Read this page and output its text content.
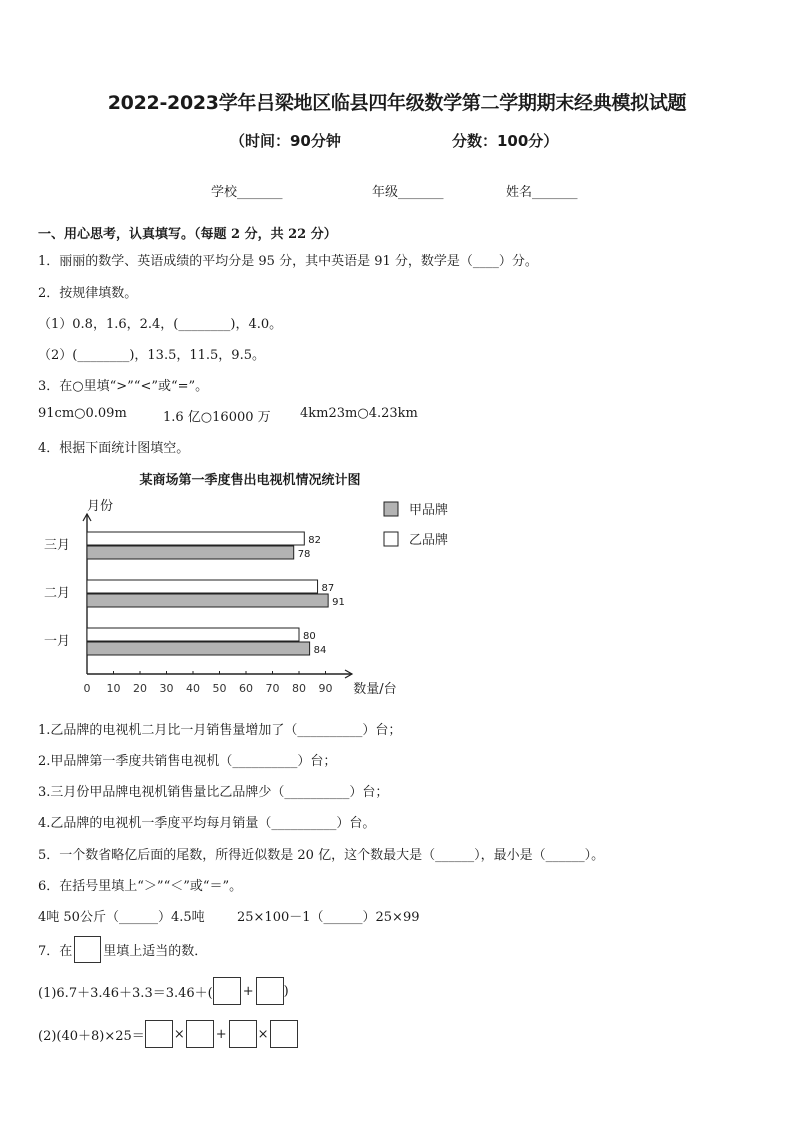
2022-2023学年吕梁地区临县四年级数学第二学期期末经典模拟试题
（时间：90分钟	分数：100分）
学校_______	年级_______	姓名_______
一、用心思考，认真填写。（每题 2 分，共 22 分）
1．丽丽的数学、英语成绩的平均分是 95 分，其中英语是 91 分，数学是（____）分。
2．按规律填数。
（1）0.8，1.6，2.4，(________)，4.0。
（2）(________)，13.5，11.5，9.5。
3．在○里填“>”“<”或“=”。
91cm○0.09m	1.6 亿○16000 万 4km23m○4.23km
4．根据下面统计图填空。
某商场第一季度售出电视机情况统计图
月份
数量/台
0 10 20 30 40 50 60 70 80 90
三月	82
78
二月	87
91
一月	80
84
甲品牌
乙品牌
1.乙品牌的电视机二月比一月销售量增加了（__________）台；
2.甲品牌第一季度共销售电视机（__________）台；
3.三月份甲品牌电视机销售量比乙品牌少（__________）台；
4.乙品牌的电视机一季度平均每月销量（__________）台。
5．一个数省略亿后面的尾数，所得近似数是 20 亿，这个数最大是（______），最小是（______）。
6．在括号里填上“＞”“＜”或“＝”。
4吨 50公斤（______）4.5吨 25×100－1（______）25×99
7．在 里填上适当的数．
(1)6.7＋3.46＋3.3＝3.46＋( + )
(2)(40＋8)×25＝ × + ×
